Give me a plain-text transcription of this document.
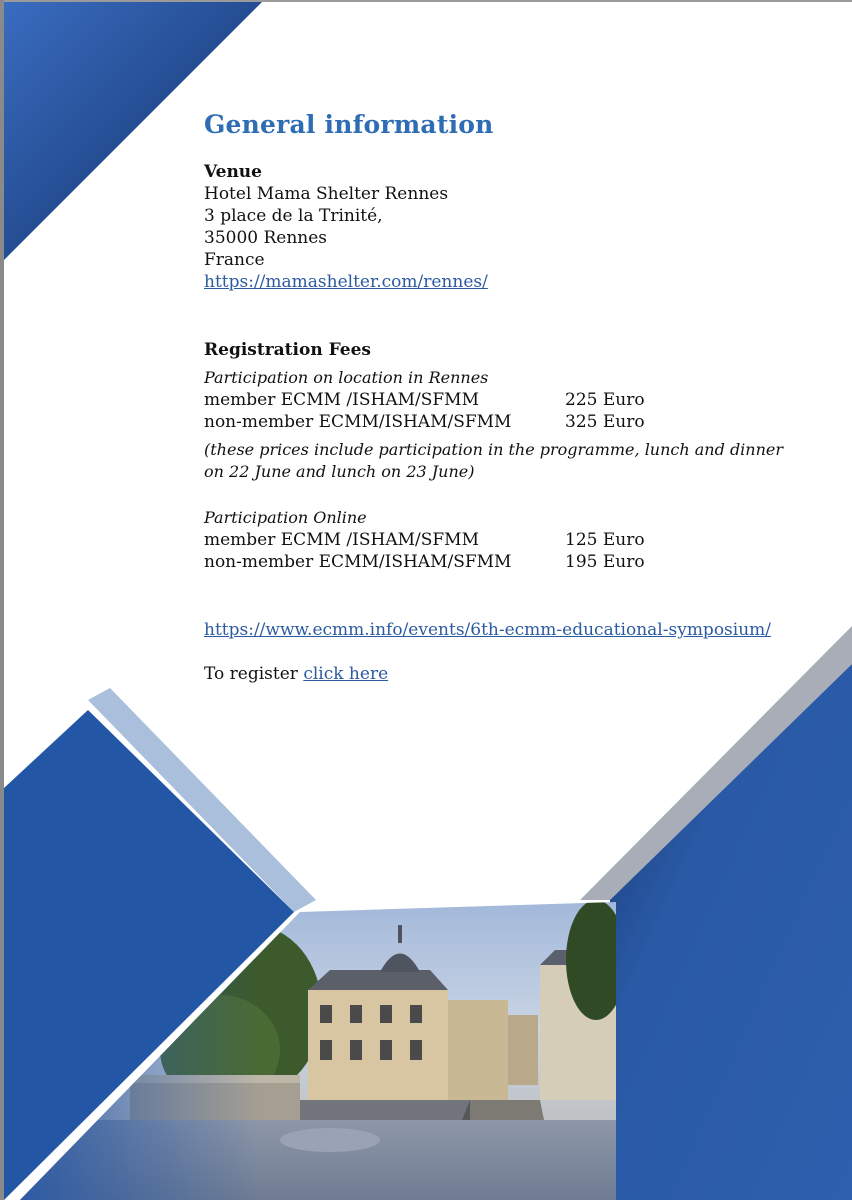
General information
Venue
Hotel Mama Shelter Rennes
3 place de la Trinité,
35000 Rennes
France
https://mamashelter.com/rennes/
Registration Fees
Participation on location in Rennes
member ECMM /ISHAM/SFMM	225 Euro
non-member ECMM/ISHAM/SFMM	325 Euro
(these prices include participation in the programme, lunch and dinner on 22 June and lunch on 23 June)
Participation Online
member ECMM /ISHAM/SFMM	125 Euro
non-member ECMM/ISHAM/SFMM	195 Euro
https://www.ecmm.info/events/6th-ecmm-educational-symposium/
To register click here
